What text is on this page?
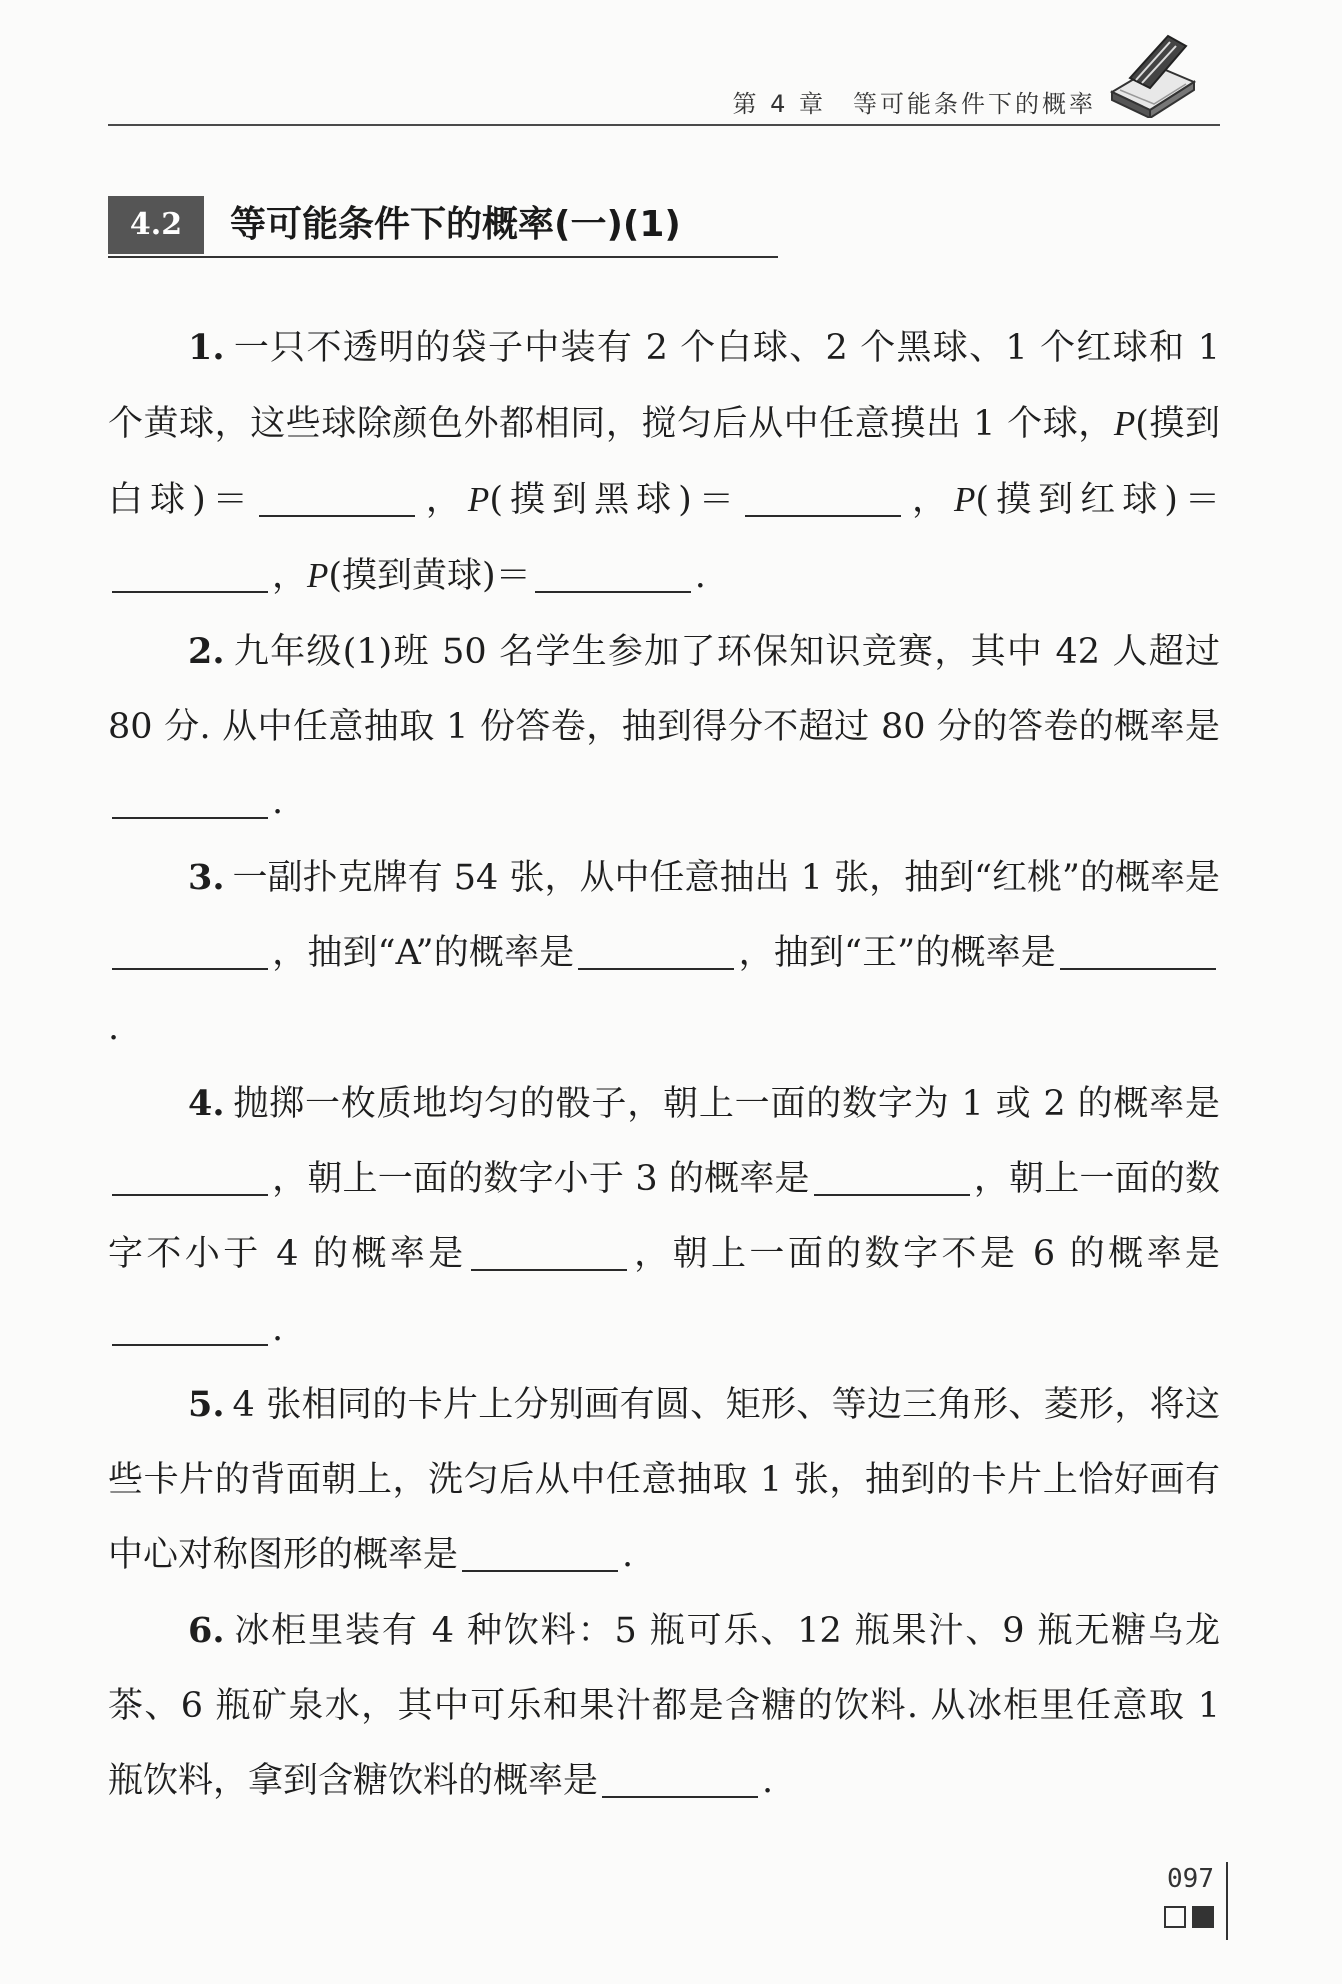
第 4 章　等可能条件下的概率
4.2	等可能条件下的概率(一)(1)

1. 一只不透明的袋子中装有 2 个白球、2 个黑球、1 个红球和 1 个黄球，这些球除颜色外都相同，搅匀后从中任意摸出 1 个球，P(摸到白球)＝	，P(摸到黑球)＝	，P(摸到红球)＝，P(摸到黄球)＝	.

2. 九年级(1)班 50 名学生参加了环保知识竞赛，其中 42 人超过 80 分. 从中任意抽取 1 份答卷，抽到得分不超过 80 分的答卷的概率是.

3. 一副扑克牌有 54 张，从中任意抽出 1 张，抽到“红桃”的概率是，抽到“A”的概率是	，抽到“王”的概率是.

4. 抛掷一枚质地均匀的骰子，朝上一面的数字为 1 或 2 的概率是，朝上一面的数字小于 3 的概率是	，朝上一面的数字不小于 4 的概率是	，朝上一面的数字不是 6 的概率是.

5. 4 张相同的卡片上分别画有圆、矩形、等边三角形、菱形，将这些卡片的背面朝上，洗匀后从中任意抽取 1 张，抽到的卡片上恰好画有中心对称图形的概率是	.

6. 冰柜里装有 4 种饮料：5 瓶可乐、12 瓶果汁、9 瓶无糖乌龙茶、6 瓶矿泉水，其中可乐和果汁都是含糖的饮料. 从冰柜里任意取 1 瓶饮料，拿到含糖饮料的概率是	.

097
